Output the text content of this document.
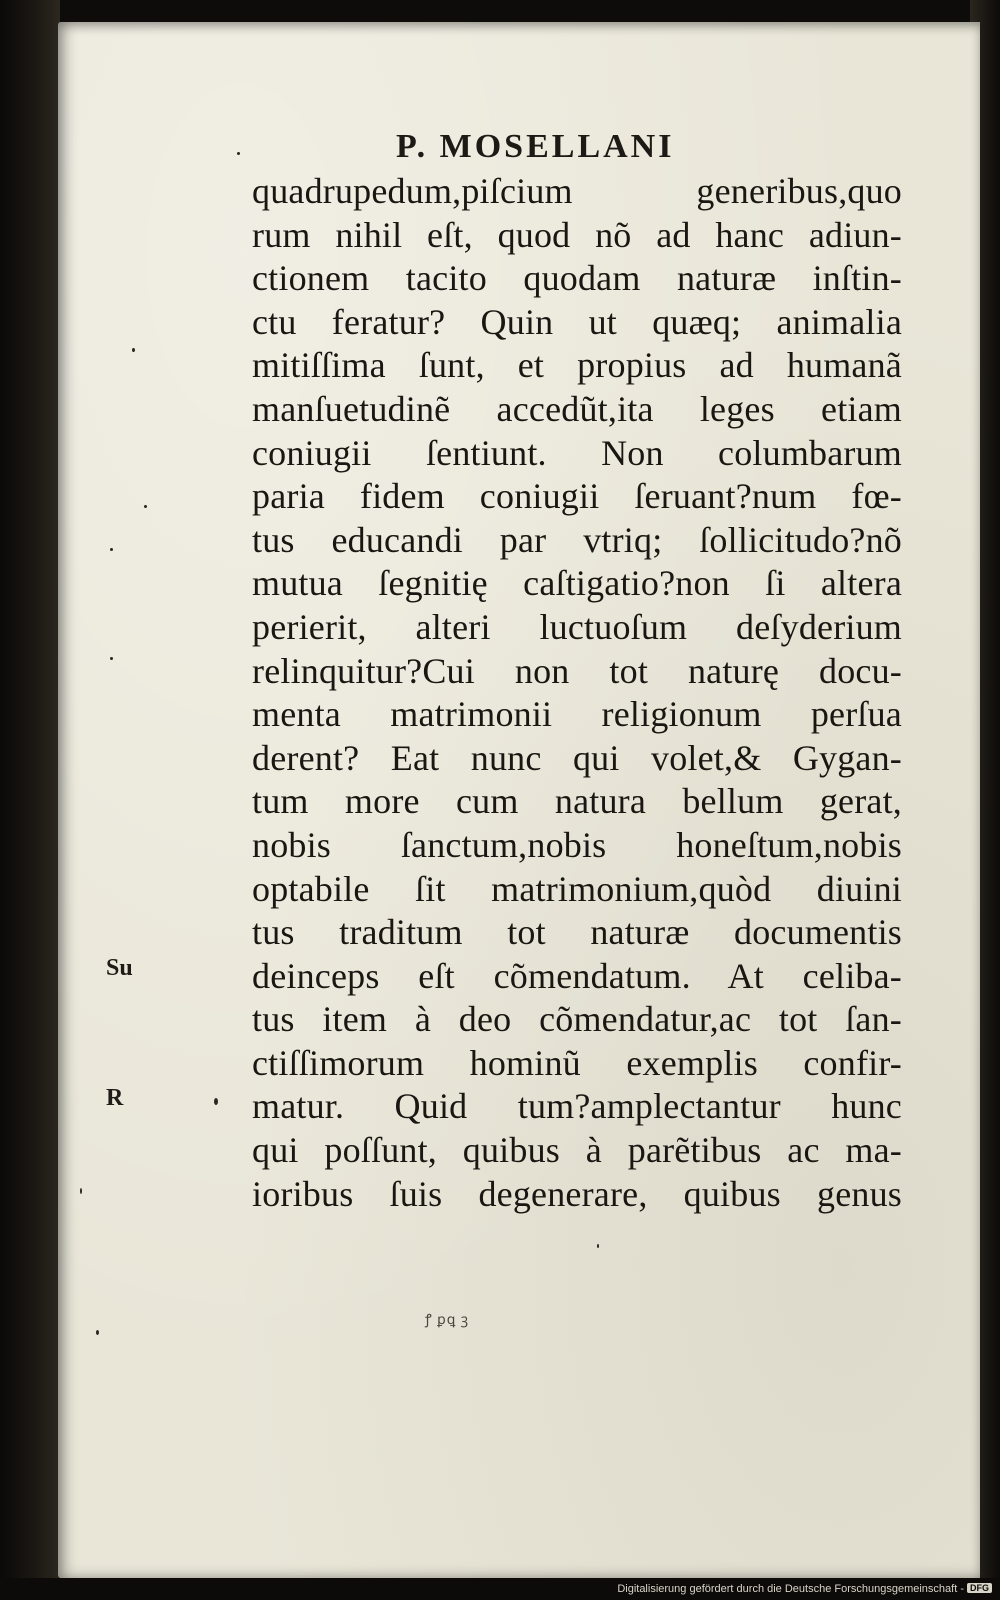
P. MOSELLANI
quadrupedum,piſcium generibus,quo
rum nihil eſt, quod nõ ad hanc adiun-
ctionem tacito quodam naturæ inſtin-
ctu feratur? Quin ut quæq; animalia
mitiſſima ſunt, et propius ad humanã
manſuetudinẽ accedũt,ita leges etiam
coniugii ſentiunt. Non columbarum
paria fidem coniugii ſeruant?num fœ-
tus educandi par vtriq; ſollicitudo?nõ
mutua ſegnitię caſtigatio?non ſi altera
perierit, alteri luctuoſum deſyderium
relinquitur?Cui non tot naturę docu-
menta matrimonii religionum perſua
derent? Eat nunc qui volet,& Gygan-
tum more cum natura bellum gerat,
nobis ſanctum,nobis honeſtum,nobis
optabile ſit matrimonium,quòd diuini
tus traditum tot naturæ documentis
deinceps eſt cõmendatum. At celiba-
tus item à deo cõmendatur,ac tot ſan-
ctiſſimorum hominũ exemplis confir-
matur. Quid tum?amplectantur hunc
qui poſſunt, quibus à parẽtibus ac ma-
ioribus ſuis degenerare, quibus genus
Su
R
ꝭ ꝑꝗ ꝫ
Digitalisierung gefördert durch die Deutsche Forschungsgemeinschaft - DFG
